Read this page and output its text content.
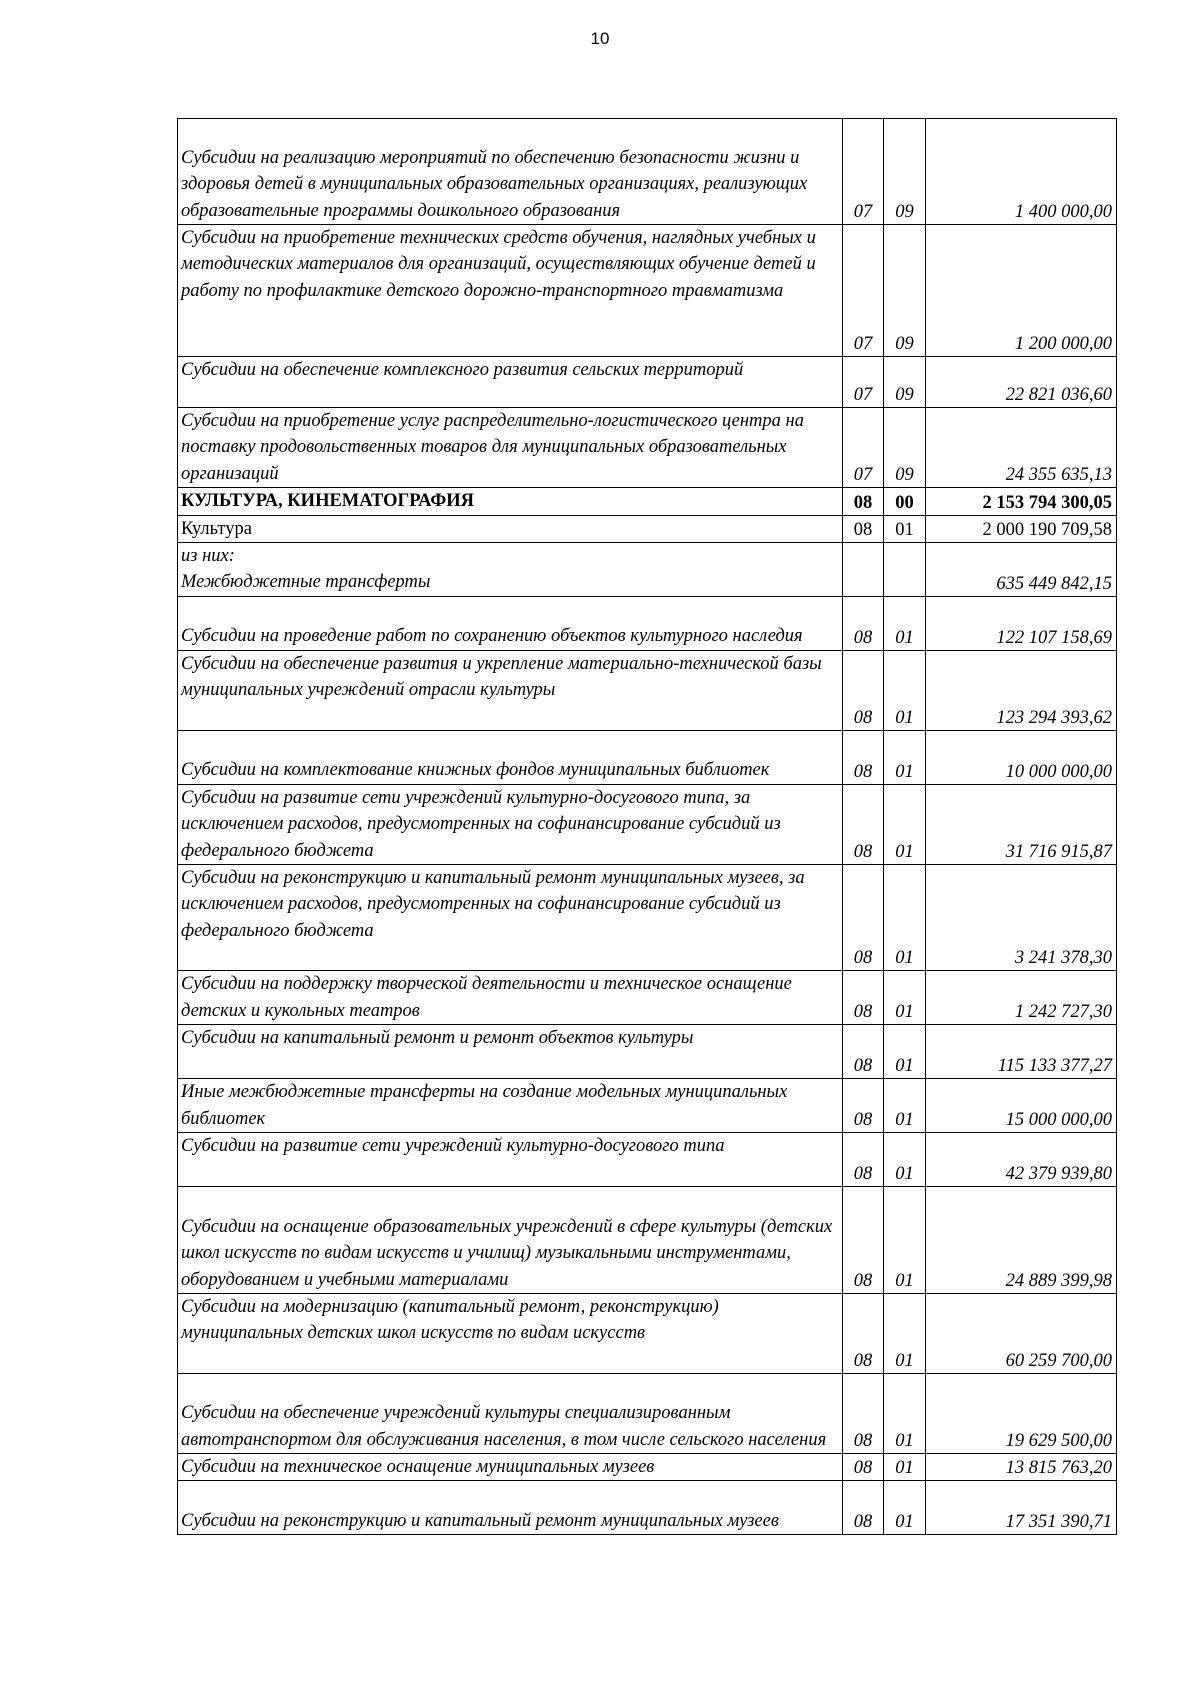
10
Субсидии на реализацию мероприятий по обеспечению безопасности жизни и здоровья детей в муниципальных образовательных организациях, реализующих образовательные программы дошкольного образования	07	09	1 400 000,00
Субсидии на приобретение технических средств обучения, наглядных учебных и методических материалов для организаций, осуществляющих обучение детей и работу по профилактике детского дорожно-транспортного травматизма	07	09	1 200 000,00
Субсидии на обеспечение комплексного развития сельских территорий	07	09	22 821 036,60
Субсидии на приобретение услуг распределительно-логистического центра на поставку продовольственных товаров для муниципальных образовательных организаций	07	09	24 355 635,13
КУЛЬТУРА, КИНЕМАТОГРАФИЯ	08	00	2 153 794 300,05
Культура	08	01	2 000 190 709,58

из них:
Межбюджетные трансферты			635 449 842,15
Субсидии на проведение работ по сохранению объектов культурного наследия	08	01	122 107 158,69
Субсидии на обеспечение развития и укрепление материально-технической базы муниципальных учреждений отрасли культуры	08	01	123 294 393,62
Субсидии на комплектование книжных фондов муниципальных библиотек	08	01	10 000 000,00
Субсидии на развитие сети учреждений культурно-досугового типа, за исключением расходов, предусмотренных на софинансирование субсидий из федерального бюджета	08	01	31 716 915,87
Субсидии на реконструкцию и капитальный ремонт муниципальных музеев, за исключением расходов, предусмотренных на софинансирование субсидий из федерального бюджета	08	01	3 241 378,30
Субсидии на поддержку творческой деятельности и техническое оснащение детских и кукольных театров	08	01	1 242 727,30
Субсидии на капитальный ремонт и ремонт объектов культуры	08	01	115 133 377,27
Иные межбюджетные трансферты на создание модельных муниципальных библиотек	08	01	15 000 000,00
Субсидии на развитие сети учреждений культурно-досугового типа	08	01	42 379 939,80
Субсидии на оснащение образовательных учреждений в сфере культуры (детских школ искусств по видам искусств и училищ) музыкальными инструментами, оборудованием и учебными материалами	08	01	24 889 399,98
Субсидии на модернизацию (капитальный ремонт, реконструкцию) муниципальных детских школ искусств по видам искусств	08	01	60 259 700,00
Субсидии на обеспечение учреждений культуры специализированным автотранспортом для обслуживания населения, в том числе сельского населения	08	01	19 629 500,00
Субсидии на техническое оснащение муниципальных музеев	08	01	13 815 763,20
Субсидии на реконструкцию и капитальный ремонт муниципальных музеев	08	01	17 351 390,71
